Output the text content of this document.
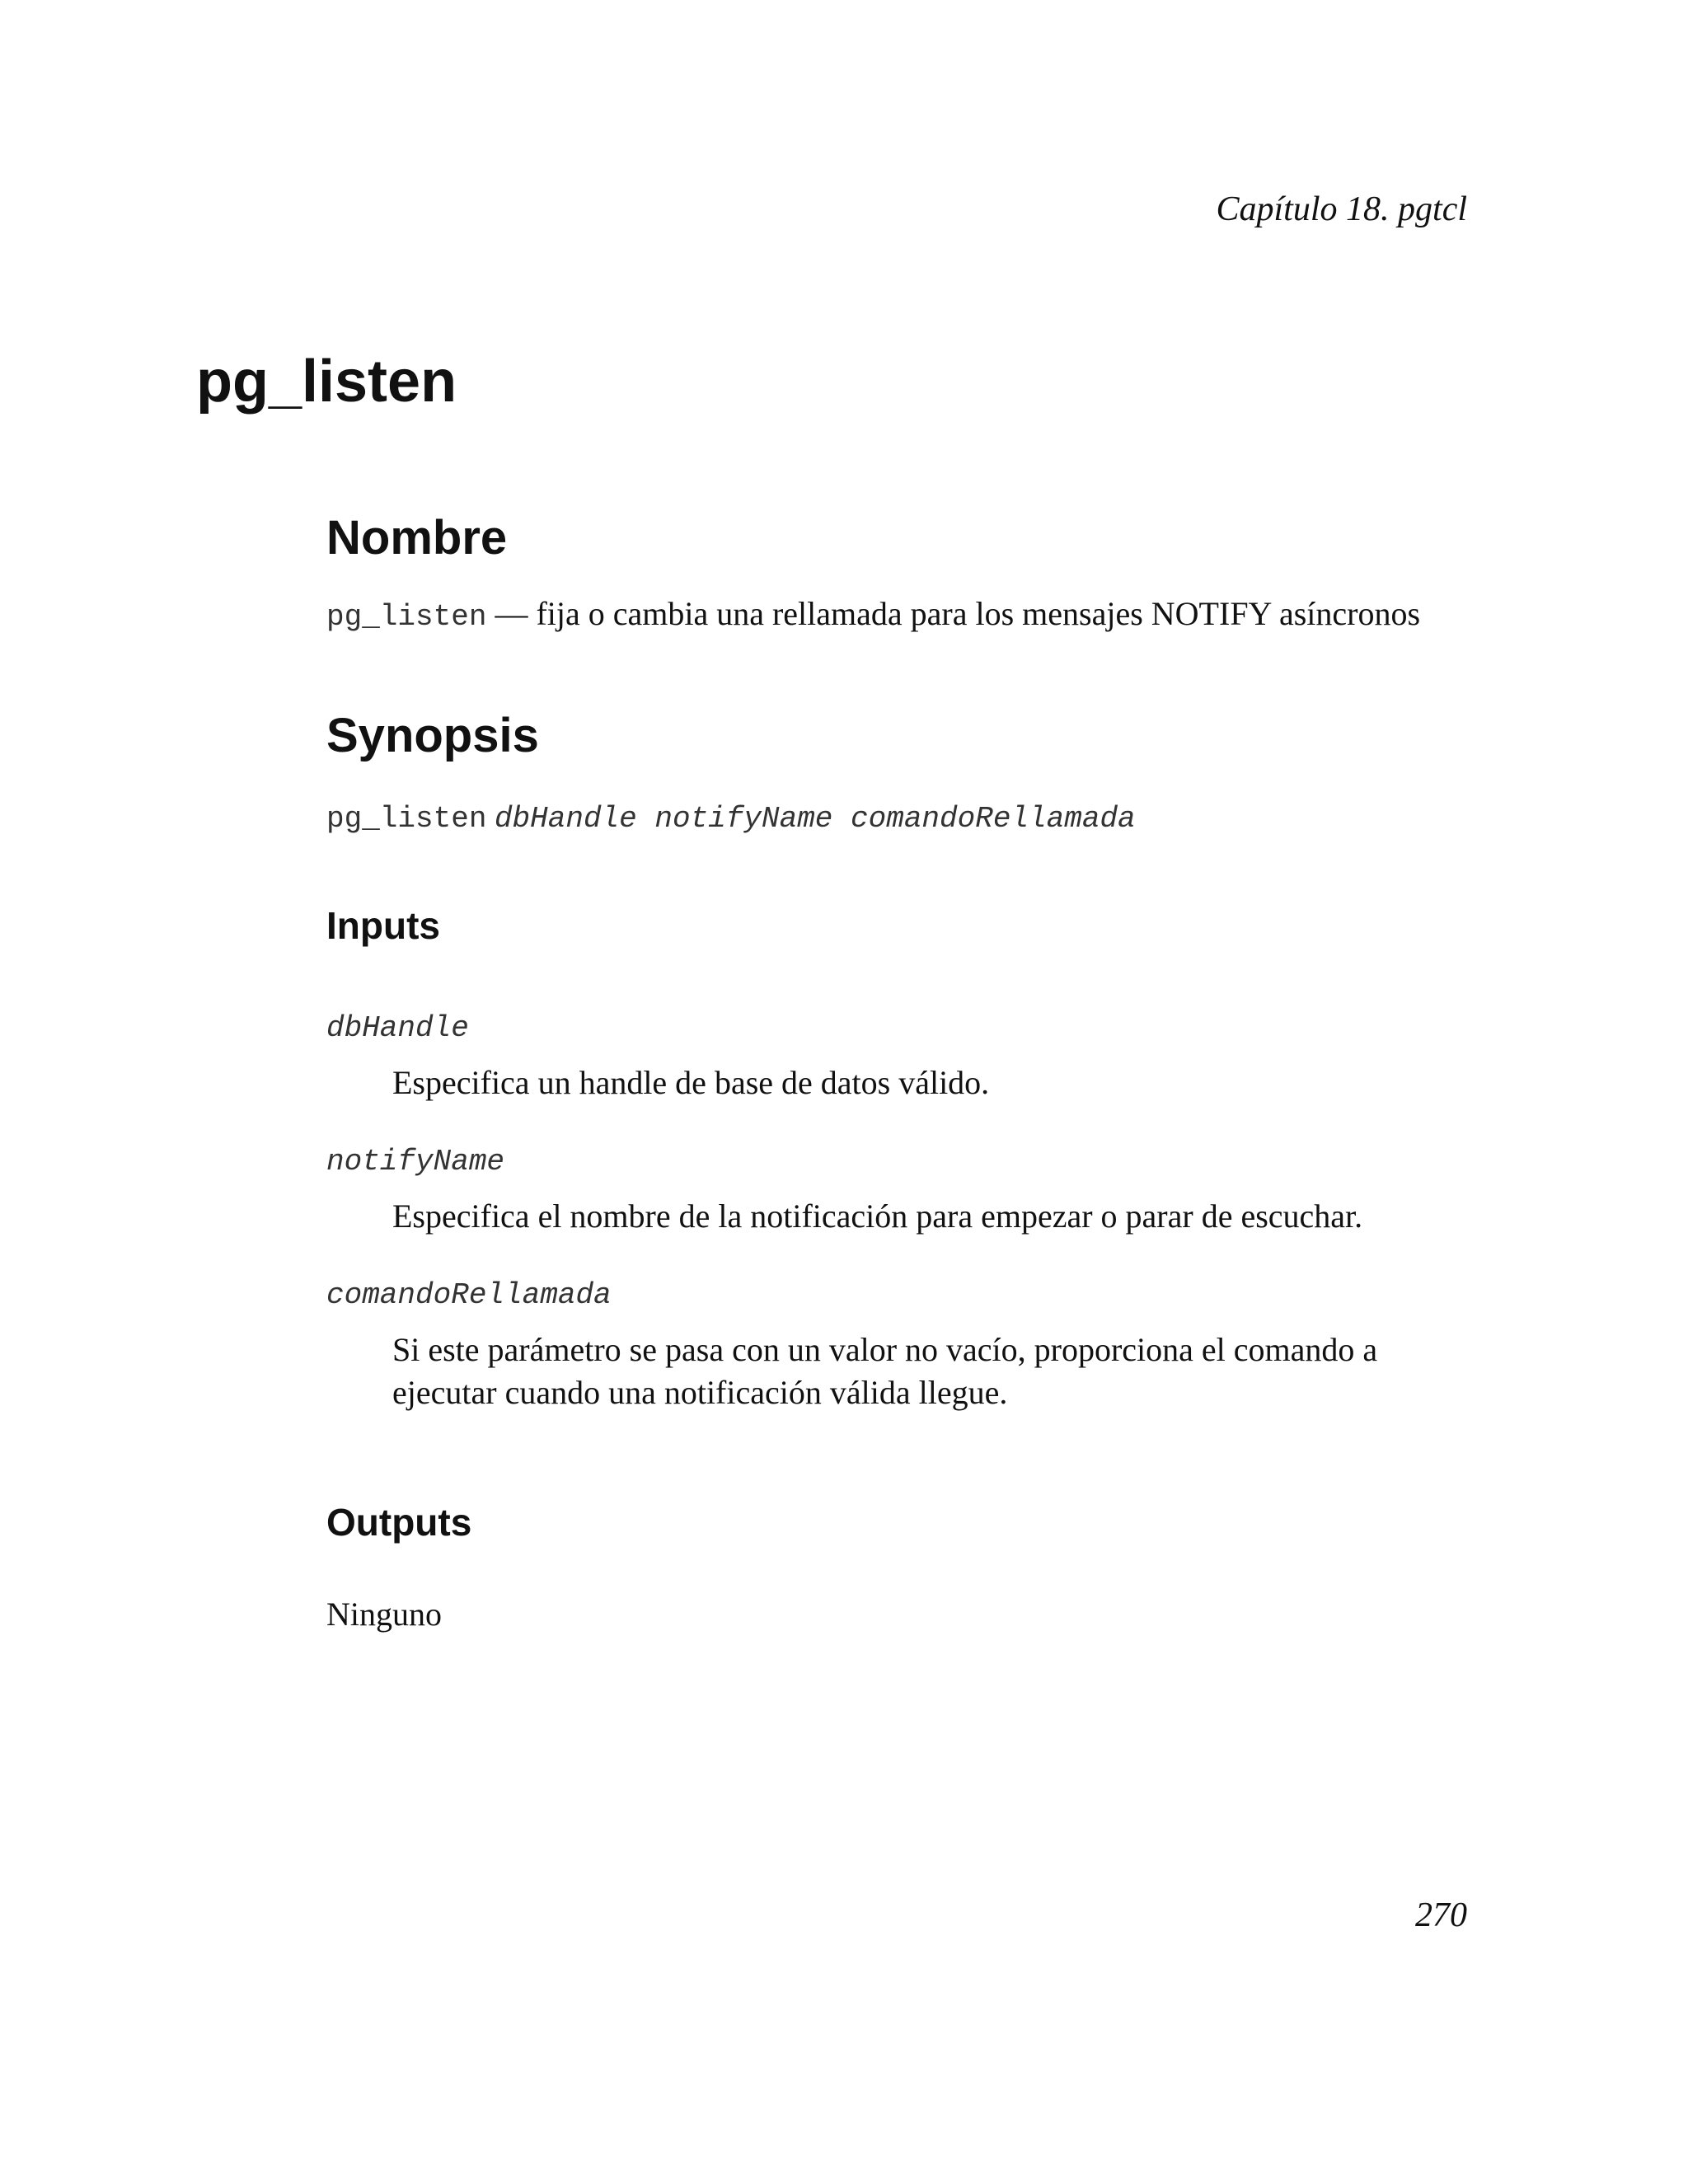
Capítulo 18. pgtcl
pg_listen
Nombre
pg_listen — fija o cambia una rellamada para los mensajes NOTIFY asíncronos
Synopsis
pg_listen dbHandle notifyName comandoRellamada
Inputs
dbHandle

Especifica un handle de base de datos válido.

notifyName

Especifica el nombre de la notificación para empezar o parar de escuchar.

comandoRellamada

Si este parámetro se pasa con un valor no vacío, proporciona el comando a

ejecutar cuando una notificación válida llegue.

Outputs
Ninguno
270
